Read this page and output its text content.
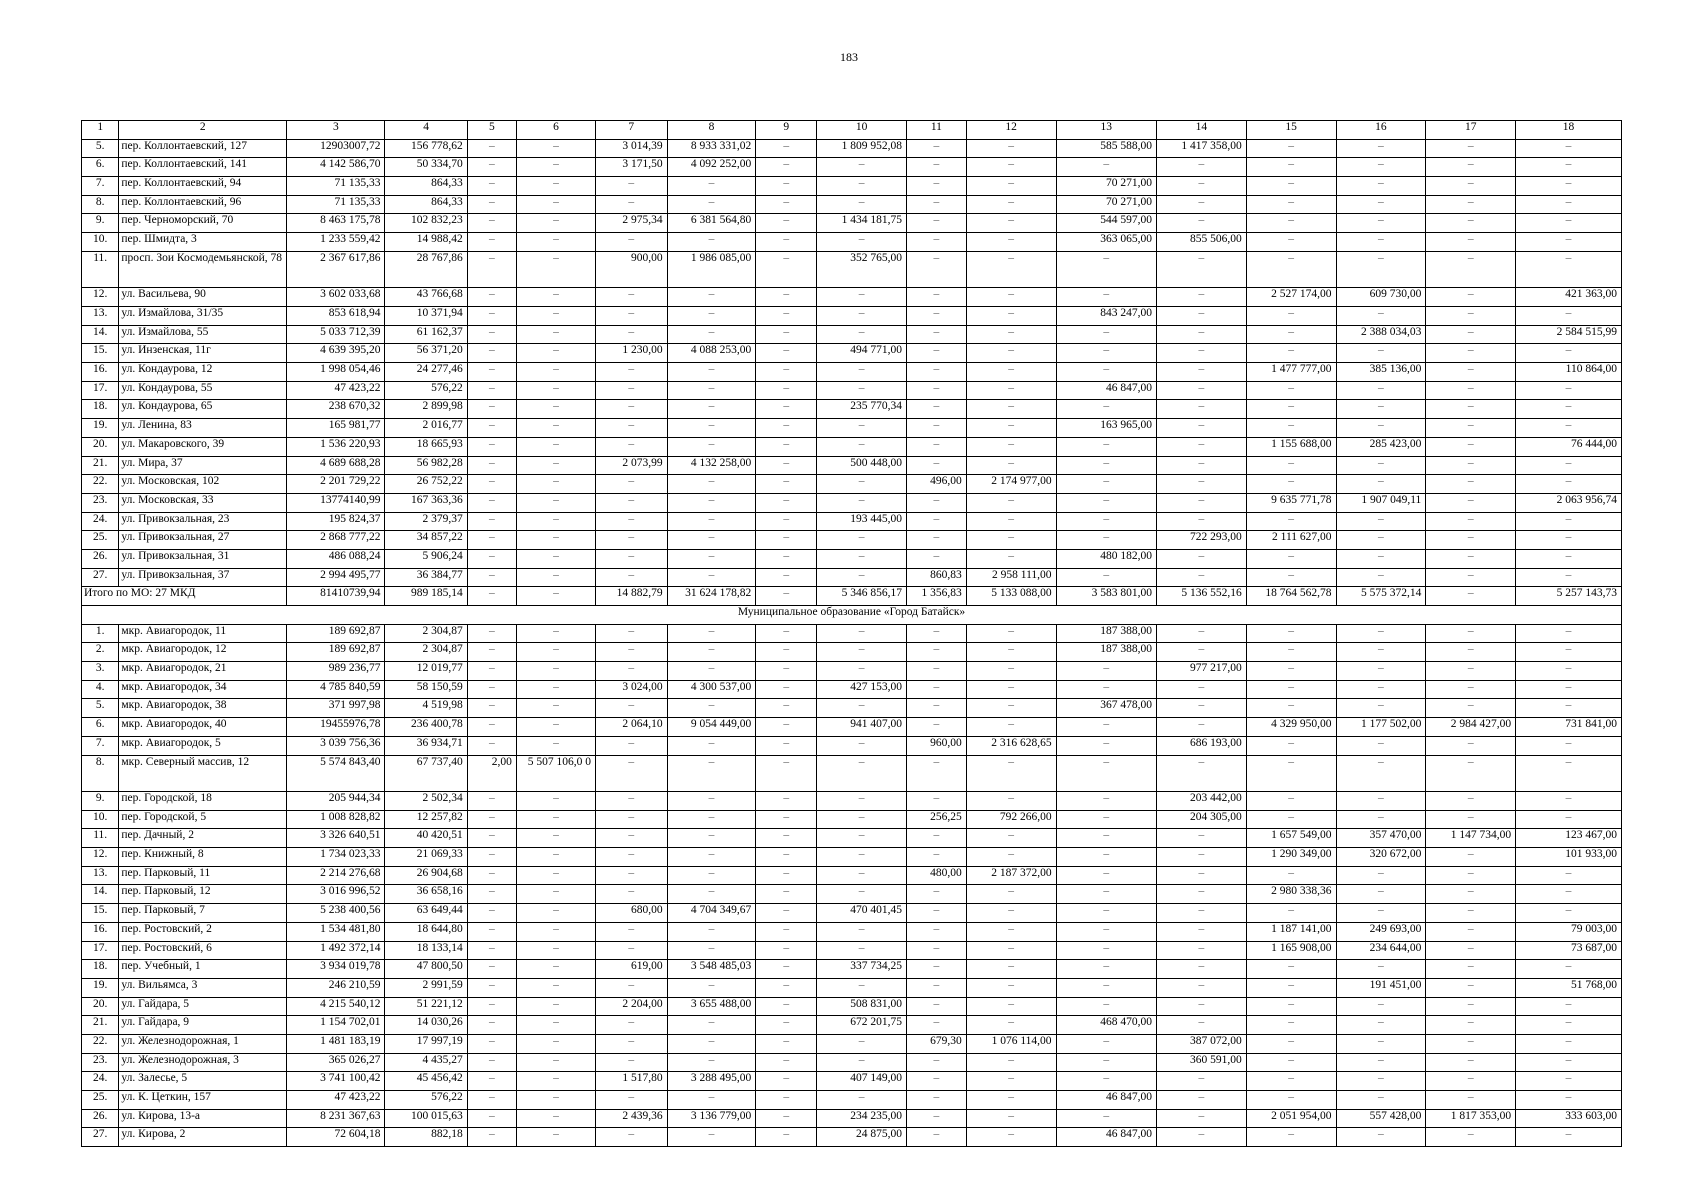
183
1	2	3	4	5	6	7	8	9	10	11	12	13	14	15	16	17	18
5.	пер. Коллонтаевский, 127	12903007,72	156 778,62	–	–	3 014,39	8 933 331,02	–	1 809 952,08	–	–	585 588,00	1 417 358,00	–	–	–	–
6.	пер. Коллонтаевский, 141	4 142 586,70	50 334,70	–	–	3 171,50	4 092 252,00	–	–	–	–	–	–	–	–	–	–
7.	пер. Коллонтаевский, 94	71 135,33	864,33	–	–	–	–	–	–	–	–	70 271,00	–	–	–	–	–
8.	пер. Коллонтаевский, 96	71 135,33	864,33	–	–	–	–	–	–	–	–	70 271,00	–	–	–	–	–
9.	пер. Черноморский, 70	8 463 175,78	102 832,23	–	–	2 975,34	6 381 564,80	–	1 434 181,75	–	–	544 597,00	–	–	–	–	–
10.	пер. Шмидта, 3	1 233 559,42	14 988,42	–	–	–	–	–	–	–	–	363 065,00	855 506,00	–	–	–	–
11.	просп. Зои Космодемьянской, 78	2 367 617,86	28 767,86	–	–	900,00	1 986 085,00	–	352 765,00	–	–	–	–	–	–	–	–
12.	ул. Васильева, 90	3 602 033,68	43 766,68	–	–	–	–	–	–	–	–	–	–	2 527 174,00	609 730,00	–	421 363,00
13.	ул. Измайлова, 31/35	853 618,94	10 371,94	–	–	–	–	–	–	–	–	843 247,00	–	–	–	–	–
14.	ул. Измайлова, 55	5 033 712,39	61 162,37	–	–	–	–	–	–	–	–	–	–	–	2 388 034,03	–	2 584 515,99
15.	ул. Инзенская, 11г	4 639 395,20	56 371,20	–	–	1 230,00	4 088 253,00	–	494 771,00	–	–	–	–	–	–	–	–
16.	ул. Кондаурова, 12	1 998 054,46	24 277,46	–	–	–	–	–	–	–	–	–	–	1 477 777,00	385 136,00	–	110 864,00
17.	ул. Кондаурова, 55	47 423,22	576,22	–	–	–	–	–	–	–	–	46 847,00	–	–	–	–	–
18.	ул. Кондаурова, 65	238 670,32	2 899,98	–	–	–	–	–	235 770,34	–	–	–	–	–	–	–	–
19.	ул. Ленина, 83	165 981,77	2 016,77	–	–	–	–	–	–	–	–	163 965,00	–	–	–	–	–
20.	ул. Макаровского, 39	1 536 220,93	18 665,93	–	–	–	–	–	–	–	–	–	–	1 155 688,00	285 423,00	–	76 444,00
21.	ул. Мира, 37	4 689 688,28	56 982,28	–	–	2 073,99	4 132 258,00	–	500 448,00	–	–	–	–	–	–	–	–
22.	ул. Московская, 102	2 201 729,22	26 752,22	–	–	–	–	–	–	496,00	2 174 977,00	–	–	–	–	–	–
23.	ул. Московская, 33	13774140,99	167 363,36	–	–	–	–	–	–	–	–	–	–	9 635 771,78	1 907 049,11	–	2 063 956,74
24.	ул. Привокзальная, 23	195 824,37	2 379,37	–	–	–	–	–	193 445,00	–	–	–	–	–	–	–	–
25.	ул. Привокзальная, 27	2 868 777,22	34 857,22	–	–	–	–	–	–	–	–	–	722 293,00	2 111 627,00	–	–	–
26.	ул. Привокзальная, 31	486 088,24	5 906,24	–	–	–	–	–	–	–	–	480 182,00	–	–	–	–	–
27.	ул. Привокзальная, 37	2 994 495,77	36 384,77	–	–	–	–	–	–	860,83	2 958 111,00	–	–	–	–	–	–
Итого по МО: 27 МКД		81410739,94	989 185,14	–	–	14 882,79	31 624 178,82	–	5 346 856,17	1 356,83	5 133 088,00	3 583 801,00	5 136 552,16	18 764 562,78	5 575 372,14	–	5 257 143,73
Муниципальное образование «Город Батайск»																	
1.	мкр. Авиагородок, 11	189 692,87	2 304,87	–	–	–	–	–	–	–	–	187 388,00	–	–	–	–	–
2.	мкр. Авиагородок, 12	189 692,87	2 304,87	–	–	–	–	–	–	–	–	187 388,00	–	–	–	–	–
3.	мкр. Авиагородок, 21	989 236,77	12 019,77	–	–	–	–	–	–	–	–	–	977 217,00	–	–	–	–
4.	мкр. Авиагородок, 34	4 785 840,59	58 150,59	–	–	3 024,00	4 300 537,00	–	427 153,00	–	–	–	–	–	–	–	–
5.	мкр. Авиагородок, 38	371 997,98	4 519,98	–	–	–	–	–	–	–	–	367 478,00	–	–	–	–	–
6.	мкр. Авиагородок, 40	19455976,78	236 400,78	–	–	2 064,10	9 054 449,00	–	941 407,00	–	–	–	–	4 329 950,00	1 177 502,00	2 984 427,00	731 841,00
7.	мкр. Авиагородок, 5	3 039 756,36	36 934,71	–	–	–	–	–	–	960,00	2 316 628,65	–	686 193,00	–	–	–	–
8.	мкр. Северный массив, 12	5 574 843,40	67 737,40	2,00	5 507 106,0 0	–	–	–	–	–	–	–	–	–	–	–	–
9.	пер. Городской, 18	205 944,34	2 502,34	–	–	–	–	–	–	–	–	–	203 442,00	–	–	–	–
10.	пер. Городской, 5	1 008 828,82	12 257,82	–	–	–	–	–	–	256,25	792 266,00	–	204 305,00	–	–	–	–
11.	пер. Дачный, 2	3 326 640,51	40 420,51	–	–	–	–	–	–	–	–	–	–	1 657 549,00	357 470,00	1 147 734,00	123 467,00
12.	пер. Книжный, 8	1 734 023,33	21 069,33	–	–	–	–	–	–	–	–	–	–	1 290 349,00	320 672,00	–	101 933,00
13.	пер. Парковый, 11	2 214 276,68	26 904,68	–	–	–	–	–	–	480,00	2 187 372,00	–	–	–	–	–	–
14.	пер. Парковый, 12	3 016 996,52	36 658,16	–	–	–	–	–	–	–	–	–	–	2 980 338,36	–	–	–
15.	пер. Парковый, 7	5 238 400,56	63 649,44	–	–	680,00	4 704 349,67	–	470 401,45	–	–	–	–	–	–	–	–
16.	пер. Ростовский, 2	1 534 481,80	18 644,80	–	–	–	–	–	–	–	–	–	–	1 187 141,00	249 693,00	–	79 003,00
17.	пер. Ростовский, 6	1 492 372,14	18 133,14	–	–	–	–	–	–	–	–	–	–	1 165 908,00	234 644,00	–	73 687,00
18.	пер. Учебный, 1	3 934 019,78	47 800,50	–	–	619,00	3 548 485,03	–	337 734,25	–	–	–	–	–	–	–	–
19.	ул. Вильямса, 3	246 210,59	2 991,59	–	–	–	–	–	–	–	–	–	–	–	191 451,00	–	51 768,00
20.	ул. Гайдара, 5	4 215 540,12	51 221,12	–	–	2 204,00	3 655 488,00	–	508 831,00	–	–	–	–	–	–	–	–
21.	ул. Гайдара, 9	1 154 702,01	14 030,26	–	–	–	–	–	672 201,75	–	–	468 470,00	–	–	–	–	–
22.	ул. Железнодорожная, 1	1 481 183,19	17 997,19	–	–	–	–	–	–	679,30	1 076 114,00	–	387 072,00	–	–	–	–
23.	ул. Железнодорожная, 3	365 026,27	4 435,27	–	–	–	–	–	–	–	–	–	360 591,00	–	–	–	–
24.	ул. Залесье, 5	3 741 100,42	45 456,42	–	–	1 517,80	3 288 495,00	–	407 149,00	–	–	–	–	–	–	–	–
25.	ул. К. Цеткин, 157	47 423,22	576,22	–	–	–	–	–	–	–	–	46 847,00	–	–	–	–	–
26.	ул. Кирова, 13-а	8 231 367,63	100 015,63	–	–	2 439,36	3 136 779,00	–	234 235,00	–	–	–	–	2 051 954,00	557 428,00	1 817 353,00	333 603,00
27.	ул. Кирова, 2	72 604,18	882,18	–	–	–	–	–	24 875,00	–	–	46 847,00	–	–	–	–	–
